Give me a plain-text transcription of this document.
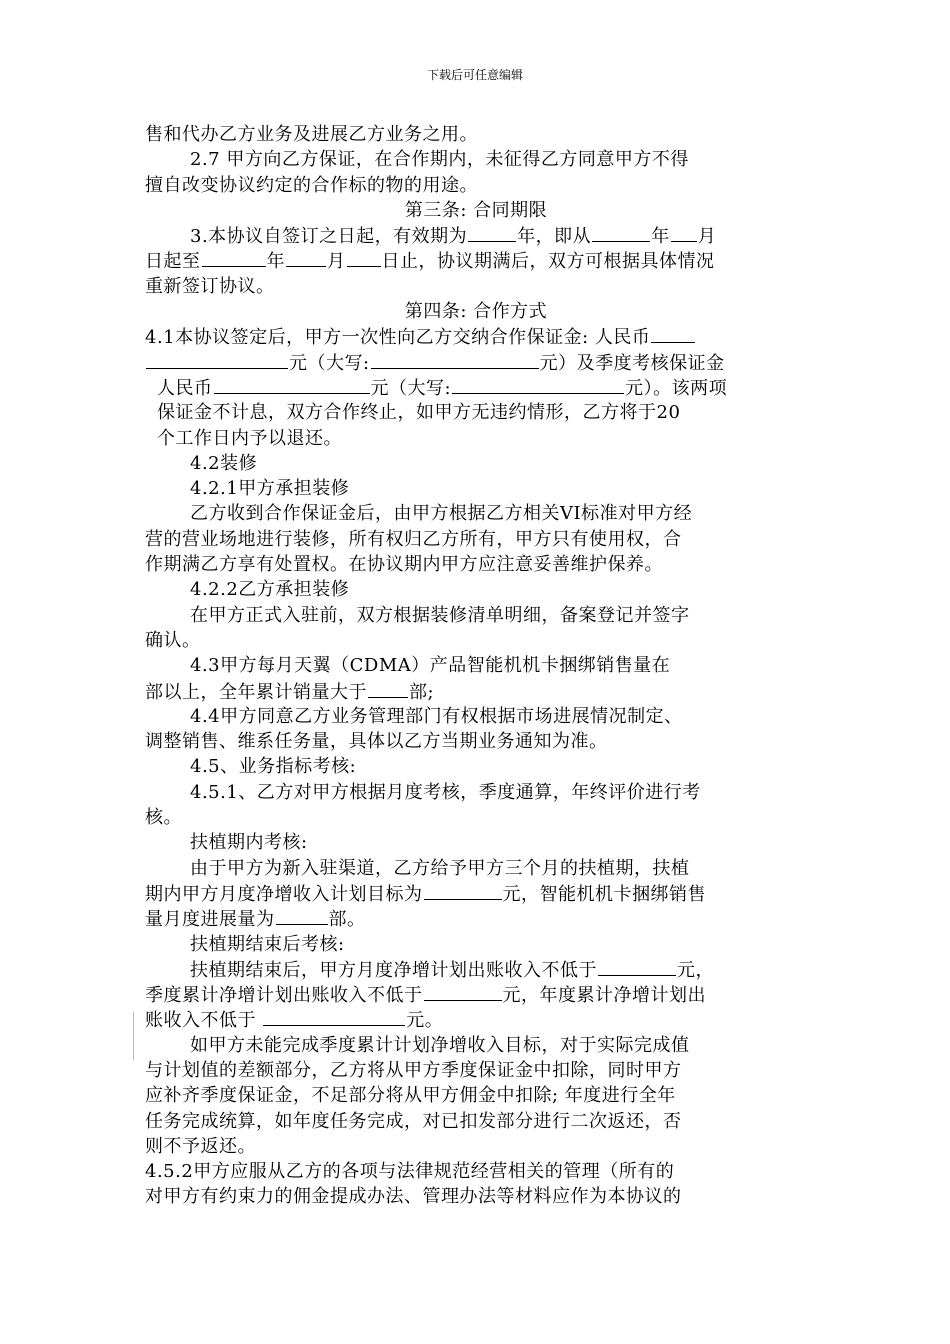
下载后可任意编辑
售和代办乙方业务及进展乙方业务之用。
2.7 甲方向乙方保证，在合作期内，未征得乙方同意甲方不得
擅自改变协议约定的合作标的物的用途。
第三条: 合同期限
3.本协议自签订之日起，有效期为	年，即从	年 月
日起至	年 月 日止，协议期满后，双方可根据具体情况
重新签订协议。
第四条: 合作方式
4.1本协议签定后，甲方一次性向乙方交纳合作保证金: 人民币
元（大写:	元）及季度考核保证金
人民币	元（大写:	元）。该两项
保证金不计息，双方合作终止，如甲方无违约情形，乙方将于20
个工作日内予以退还。
4.2装修
4.2.1甲方承担装修
乙方收到合作保证金后，由甲方根据乙方相关VI标准对甲方经
营的营业场地进行装修，所有权归乙方所有，甲方只有使用权，合
作期满乙方享有处置权。在协议期内甲方应注意妥善维护保养。
4.2.2乙方承担装修
在甲方正式入驻前，双方根据装修清单明细，备案登记并签字
确认。
4.3甲方每月天翼（CDMA）产品智能机机卡捆绑销售量在
部以上，全年累计销量大于 部;
4.4甲方同意乙方业务管理部门有权根据市场进展情况制定、
调整销售、维系任务量，具体以乙方当期业务通知为准。
4.5、业务指标考核:
4.5.1、乙方对甲方根据月度考核，季度通算，年终评价进行考
核。
扶植期内考核:
由于甲方为新入驻渠道，乙方给予甲方三个月的扶植期，扶植
期内甲方月度净增收入计划目标为	元，智能机机卡捆绑销售
量月度进展量为	部。
扶植期结束后考核:
扶植期结束后，甲方月度净增计划出账收入不低于	元，
季度累计净增计划出账收入不低于	元，年度累计净增计划出
账收入不低于	元。
如甲方未能完成季度累计计划净增收入目标，对于实际完成值
与计划值的差额部分，乙方将从甲方季度保证金中扣除，同时甲方
应补齐季度保证金，不足部分将从甲方佣金中扣除; 年度进行全年
任务完成统算，如年度任务完成，对已扣发部分进行二次返还，否
则不予返还。
4.5.2甲方应服从乙方的各项与法律规范经营相关的管理（所有的
对甲方有约束力的佣金提成办法、管理办法等材料应作为本协议的
